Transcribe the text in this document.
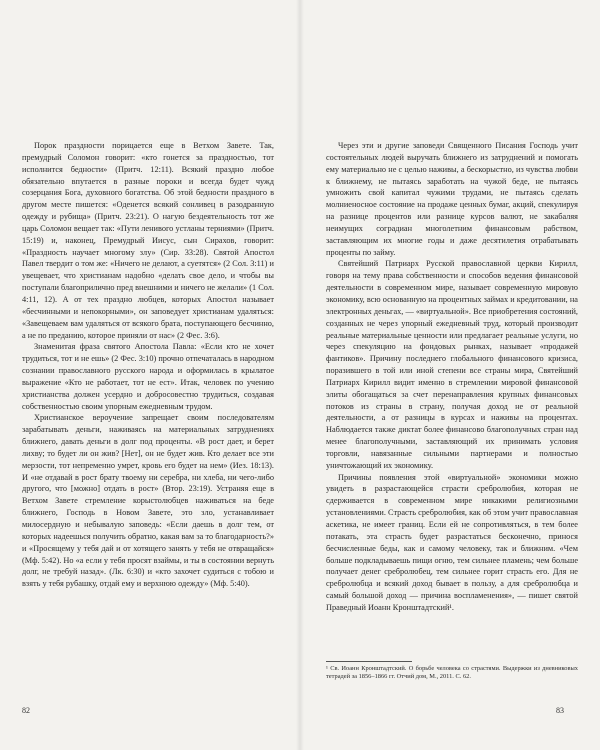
Порок праздности порицается еще в Ветхом Завете. Так, премудрый Соломон говорит: «кто гонется за праздностью, тот исполнится бедности» (Притч. 12:11). Всякий праздно любое обязательно впутается в разные пороки и всегда будет чужд созерцания Бога, духовного богатства. Об этой бедности праздного в другом месте пишется: «Оденется всякий сонливец в разодранную одежду и рубища» (Притч. 23:21). О нагую бездеятельность тот же царь Соломон вещает так: «Пути ленивого устланы терниями» (Притч. 15:19) и, наконец, Премудрый Иисус, сын Сирахов, говорит: «Праздность научает многому злу» (Сир. 33:28). Святой Апостол Павел твердит о том же: «Ничего не делают, а суетятся» (2 Сол. 3:11) и увещевает, что христианам надобно «делать свое дело, и чтобы вы поступали благоприлично пред внешними и ничего не желали» (1 Сол. 4:11, 12). А от тех праздно любцев, которых Апостол называет «бесчинными и непокорными», он заповедует христианам удаляться: «Завещеваем вам удаляться от всякого брата, поступающего бесчинно, а не по преданию, которое приняли от нас» (2 Фес. 3:6).

Знаменитая фраза святого Апостола Павла: «Если кто не хочет трудиться, тот и не ешь» (2 Фес. 3:10) прочно отпечаталась в народном сознании православного русского народа и оформилась в крылатое выражение «Кто не работает, тот не ест». Итак, человек по учению христианства должен усердно и добросовестно трудиться, создавая собственностью своим упорным ежедневным трудом.

Христианское вероучение запрещает своим последователям зарабатывать деньги, наживаясь на материальных затруднениях ближнего, давать деньги в долг под проценты. «В рост дает, и берет лихву; то будет ли он жив? [Нет], он не будет жив. Кто делает все эти мерзости, тот непременно умрет, кровь его будет на нем» (Иез. 18:13). И «не отдавай в рост брату твоему ни серебра, ни хлеба, ни чего-либо другого, что [можно] отдать в рост» (Втор. 23:19). Устраняя еще в Ветхом Завете стремление корыстолюбцев наживаться на беде ближнего, Господь в Новом Завете, это зло, устанавливает милосердную и небывалую заповедь: «Если даешь в долг тем, от которых надеешься получить обратно, какая вам за то благодарность?» и «Просящему у тебя дай и от хотящего занять у тебя не отвращайся» (Мф. 5:42). Но «а если у тебя просят взаймы, и ты в состоянии вернуть долг, не требуй назад». (Лк. 6:30) и «кто захочет судиться с тобою и взять у тебя рубашку, отдай ему и верхнюю одежду» (Мф. 5:40).

82

Через эти и другие заповеди Священного Писания Господь учит состоятельных людей выручать ближнего из затруднений и помогать ему материально не с целью наживы, а бескорыстно, из чувства любви к ближнему, не пытаясь заработать на чужой беде, не пытаясь умножить свой капитал чужими трудами, не пытаясь сделать молниеносное состояние на продаже ценных бумаг, акций, спекулируя на разнице процентов или разнице курсов валют, не закабаляя неимущих соградиан многолетним финансовым рабством, заставляющим их многие годы и даже десятилетия отрабатывать проценты по займу.

Святейший Патриарх Русской православной церкви Кирилл, говоря на тему права собственности и способов ведения финансовой деятельности в современном мире, называет современную мировую экономику, всю основанную на процентных займах и кредитовании, на электронных деньгах, — «виртуальной». Все приобретения состояний, созданных не через упорный ежедневный труд, который производит реальные материальные ценности или предлагает реальные услуги, но через спекуляцию на фондовых рынках, называет «продажей фантиков». Причину последнего глобального финансового кризиса, поразившего в той или иной степени все страны мира, Святейший Патриарх Кирилл видит именно в стремлении мировой финансовой элиты обогащаться за счет перенаправления крупных финансовых потоков из страны в страну, получая доход не от реальной деятельности, а от разницы в курсах и наживы на процентах. Наблюдается также диктат более финансово благополучных стран над менее благополучными, заставляющий их принимать условия торговли, навязанные сильными партнерами и полностью уничтожающий их экономику.

Причины появления этой «виртуальной» экономики можно увидеть в разрастающейся страсти сребролюбия, которая не сдерживается в современном мире никакими религиозными установлениями. Страсть сребролюбия, как об этом учит православная аскетика, не имеет границ. Если ей не сопротивляться, в тем более потакать, эта страсть будет разрастаться бесконечно, принося бесчисленные беды, как и самому человеку, так и ближним. «Чем больше подкладываешь пищи огню, тем сильнее пламень; чем больше получает денег сребролюбец, тем сильнее горит страсть его. Для не сребролюбца и всякий доход бывает в пользу, а для сребролюбца и самый большой доход — причина воспламенения», — пишет святой Праведный Иоанн Кронштадтский¹.

¹ Св. Иоанн Кронштадтский. О борьбе человека со страстями. Выдержки из дневниковых тетрадей за 1856–1866 гг. Отчий дом, М., 2011. С. 62.
83
